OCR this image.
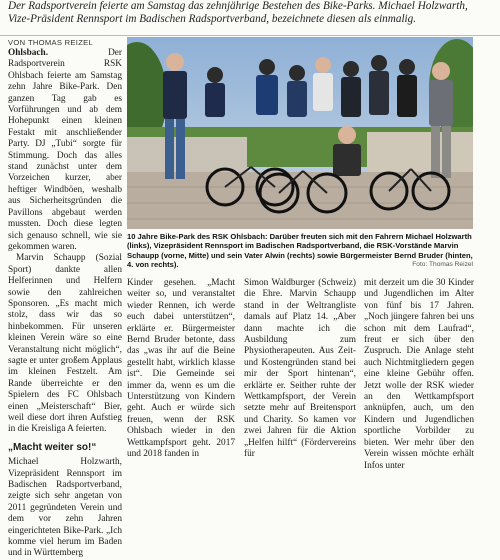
Der Radsportverein feierte am Samstag das zehnjährige Bestehen des Bike-Parks. Michael Holzwarth, Vize-Präsident Rennsport im Badischen Radsportverband, bezeichnete diesen als einmalig.
VON THOMAS REIZEL

Ohlsbach.	Der Radsportverein RSK Ohlsbach feierte am Samstag zehn Jahre Bike-Park. Den ganzen Tag gab es Vorführungen und ab dem Hohepunkt einen kleinen Festakt mit anschließender Party. DJ „Tubi“ sorgte für Stimmung. Doch das alles stand zunächst unter dem Vorzeichen kurzer, aber heftiger Windböen, weshalb aus Sicherheitsgründen die Pavillons abgebaut werden mussten. Doch diese legten sich genauso schnell, wie sie gekommen waren.

Marvin Schaupp (Sozial Sport) dankte allen Helferinnen und Helfern sowie den zahlreichen Sponsoren. „Es macht mich stolz, dass wir das so hinbekommen. Für unseren kleinen Verein wäre so eine Veranstaltung nicht möglich“, sagte er unter großem Applaus im kleinen Festzelt. Am Rande überreichte er den Spielern des FC Ohlsbach einen „Meisterschaft“ Bier, weil diese dort ihren Aufstieg in die Kreisliga A feierten.

„Macht weiter so!“

Michael Holzwarth, Vizepräsident Rennsport im Badischen Radsportverband, zeigte sich sehr angetan von 2011 gegründeten Verein und dem vor zehn Jahren eingerichteten Bike-Park. „Ich komme viel herum im Baden und in Württemberg

10 Jahre Bike-Park des RSK Ohlsbach: Darüber freuten sich mit den Fahrern Michael Holzwarth (links), Vizepräsident Rennsport im Badischen Radsportverband, die RSK-Vorstände Marvin Schaupp (vorne, Mitte) und sein Vater Alwin (rechts) sowie Bürgermeister Bernd Bruder (hinten, 4. von rechts).	Foto: Thomas Reizel

Kinder gesehen. „Macht weiter so, und veranstaltet wieder Rennen, ich werde euch dabei unterstützen“, erklärte er. Bürgermeister Bernd Bruder betonte, dass das „was ihr auf die Beine gestellt habt, wirklich klasse ist“. Die Gemeinde sei immer da, wenn es um die Unterstützung von Kindern geht. Auch er würde sich freuen, wenn der RSK Ohlsbach wieder in den Wettkampfsport geht. 2017 und 2018 fanden in

Simon Waldburger (Schweiz) die Ehre. Marvin Schaupp stand in der Weltrangliste damals auf Platz 14. „Aber dann machte ich die Ausbildung zum Physiotherapeuten. Aus Zeit- und Kostengründen stand bei mir der Sport hintenan“, erklärte er. Seither ruhte der Wettkampfsport, der Verein setzte mehr auf Breitensport und Charity. So kamen vor zwei Jahren für die Aktion „Helfen hilft“ (Fördervereins für

mit derzeit um die 30 Kinder und Jugendlichen im Alter von fünf bis 17 Jahren. „Noch jüngere fahren bei uns schon mit dem Laufrad“, freut er sich über den Zuspruch. Die Anlage steht auch Nichtmitgliedern gegen eine kleine Gebühr offen. Jetzt wolle der RSK wieder an den Wettkampfsport anknüpfen, auch, um den Kindern und Jugendlichen sportliche Vorbilder zu bieten. Wer mehr über den Verein wissen möchte erhält Infos unter
